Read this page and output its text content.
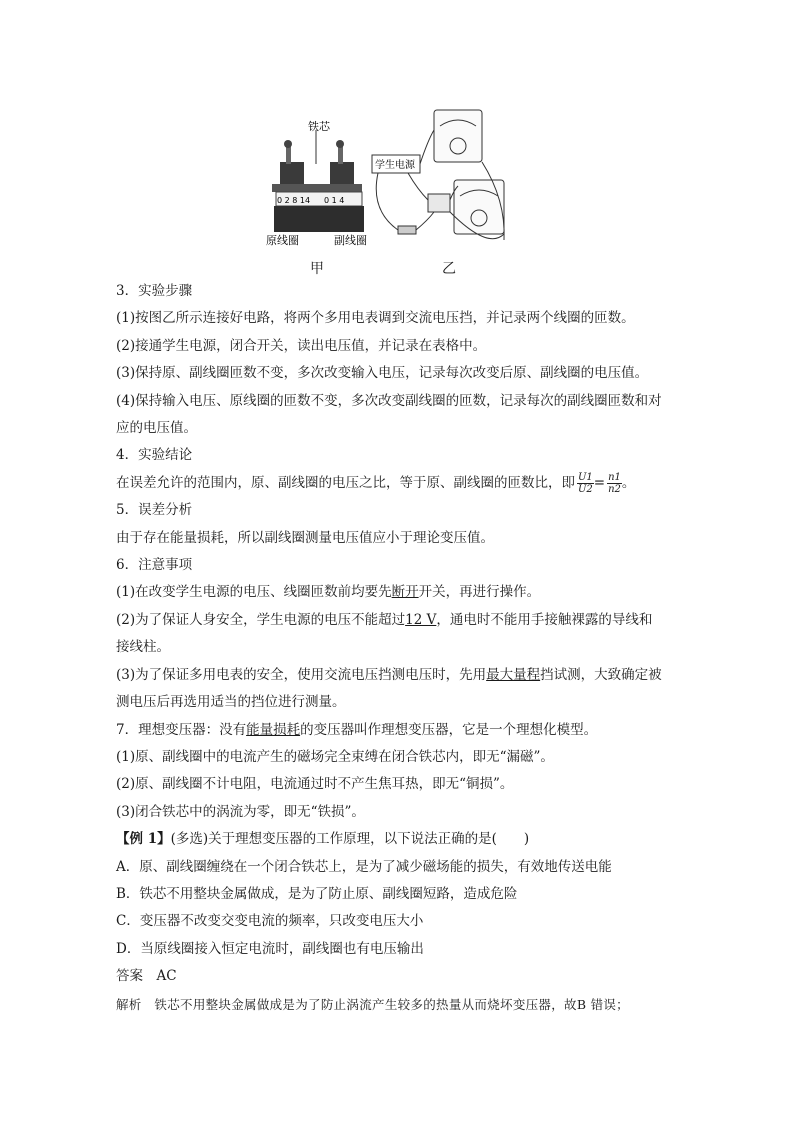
铁芯
0 2 8 14 0 1 4
原线圈	副线圈
学生电源
甲	乙

3．实验步骤

(1)按图乙所示连接好电路，将两个多用电表调到交流电压挡，并记录两个线圈的匝数。

(2)接通学生电源，闭合开关，读出电压值，并记录在表格中。

(3)保持原、副线圈匝数不变，多次改变输入电压，记录每次改变后原、副线圈的电压值。

(4)保持输入电压、原线圈的匝数不变，多次改变副线圈的匝数，记录每次的副线圈匝数和对

应的电压值。

4．实验结论

在误差允许的范围内，原、副线圈的电压之比，等于原、副线圈的匝数比，即 $\frac{U1}{U2} = \frac{n1}{n2}$ 。

5．误差分析

由于存在能量损耗，所以副线圈测量电压值应小于理论变压值。

6．注意事项

(1)在改变学生电源的电压、线圈匝数前均要先断开开关，再进行操作。

(2)为了保证人身安全，学生电源的电压不能超过12 V，通电时不能用手接触裸露的导线和

接线柱。

(3)为了保证多用电表的安全，使用交流电压挡测电压时，先用最大量程挡试测，大致确定被

测电压后再选用适当的挡位进行测量。

7．理想变压器：没有能量损耗的变压器叫作理想变压器，它是一个理想化模型。

(1)原、副线圈中的电流产生的磁场完全束缚在闭合铁芯内，即无“漏磁”。

(2)原、副线圈不计电阻，电流通过时不产生焦耳热，即无“铜损”。

(3)闭合铁芯中的涡流为零，即无“铁损”。

【例 1】(多选)关于理想变压器的工作原理，以下说法正确的是(　　)

A．原、副线圈缠绕在一个闭合铁芯上，是为了减少磁场能的损失，有效地传送电能

B．铁芯不用整块金属做成，是为了防止原、副线圈短路，造成危险

C．变压器不改变交变电流的频率，只改变电压大小

D．当原线圈接入恒定电流时，副线圈也有电压输出

答案　 AC

解析　 铁芯不用整块金属做成是为了防止涡流产生较多的热量从而烧坏变压器，故B 错误；
